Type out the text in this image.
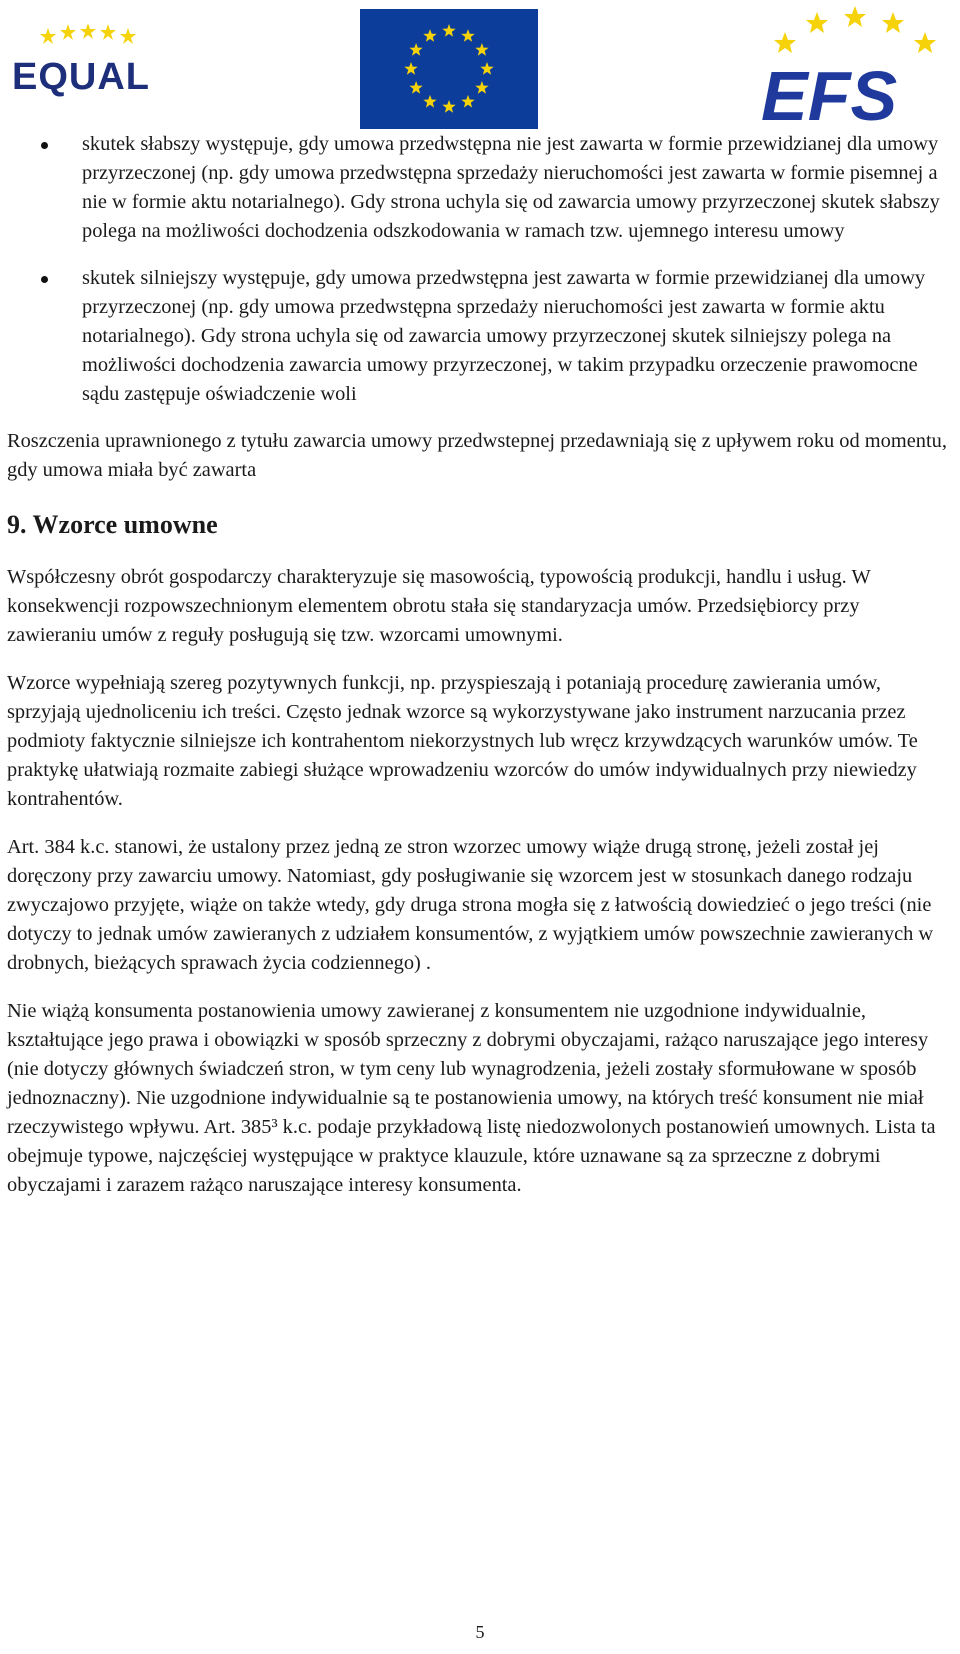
EQUAL	EFS
skutek słabszy występuje, gdy umowa przedwstępna nie jest zawarta w formie przewidzianej dla umowy przyrzeczonej (np. gdy umowa przedwstępna sprzedaży nieruchomości jest zawarta w formie pisemnej a nie w formie aktu notarialnego). Gdy strona uchyla się od zawarcia umowy przyrzeczonej skutek słabszy polega na możliwości dochodzenia odszkodowania w ramach tzw. ujemnego interesu umowy
skutek silniejszy występuje, gdy umowa przedwstępna jest zawarta w formie przewidzianej dla umowy przyrzeczonej (np. gdy umowa przedwstępna sprzedaży nieruchomości jest zawarta w formie aktu notarialnego). Gdy strona uchyla się od zawarcia umowy przyrzeczonej skutek silniejszy polega na możliwości dochodzenia zawarcia umowy przyrzeczonej, w takim przypadku orzeczenie prawomocne sądu zastępuje oświadczenie woli

Roszczenia uprawnionego z tytułu zawarcia umowy przedwstepnej przedawniają się z upływem roku od momentu, gdy umowa miała być zawarta

9. Wzorce umowne

Współczesny obrót gospodarczy charakteryzuje się masowością, typowością produkcji, handlu i usług. W konsekwencji rozpowszechnionym elementem obrotu stała się standaryzacja umów. Przedsiębiorcy przy zawieraniu umów z reguły posługują się tzw. wzorcami umownymi.

Wzorce wypełniają szereg pozytywnych funkcji, np. przyspieszają i potaniają procedurę zawierania umów, sprzyjają ujednoliceniu ich treści. Często jednak wzorce są wykorzystywane jako instrument narzucania przez podmioty faktycznie silniejsze ich kontrahentom niekorzystnych lub wręcz krzywdzących warunków umów. Te praktykę ułatwiają rozmaite zabiegi służące wprowadzeniu wzorców do umów indywidualnych przy niewiedzy kontrahentów.

Art. 384 k.c. stanowi, że ustalony przez jedną ze stron wzorzec umowy wiąże drugą stronę, jeżeli został jej doręczony przy zawarciu umowy. Natomiast, gdy posługiwanie się wzorcem jest w stosunkach danego rodzaju zwyczajowo przyjęte, wiąże on także wtedy, gdy druga strona mogła się z łatwością dowiedzieć o jego treści (nie dotyczy to jednak umów zawieranych z udziałem konsumentów, z wyjątkiem umów powszechnie zawieranych w drobnych, bieżących sprawach życia codziennego) .

Nie wiążą konsumenta postanowienia umowy zawieranej z konsumentem nie uzgodnione indywidualnie, kształtujące jego prawa i obowiązki w sposób sprzeczny z dobrymi obyczajami, rażąco naruszające jego interesy (nie dotyczy głównych świadczeń stron, w tym ceny lub wynagrodzenia, jeżeli zostały sformułowane w sposób jednoznaczny). Nie uzgodnione indywidualnie są te postanowienia umowy, na których treść konsument nie miał rzeczywistego wpływu. Art. 385³ k.c. podaje przykładową listę niedozwolonych postanowień umownych. Lista ta obejmuje typowe, najczęściej występujące w praktyce klauzule, które uznawane są za sprzeczne z dobrymi obyczajami i zarazem rażąco naruszające interesy konsumenta.

5
